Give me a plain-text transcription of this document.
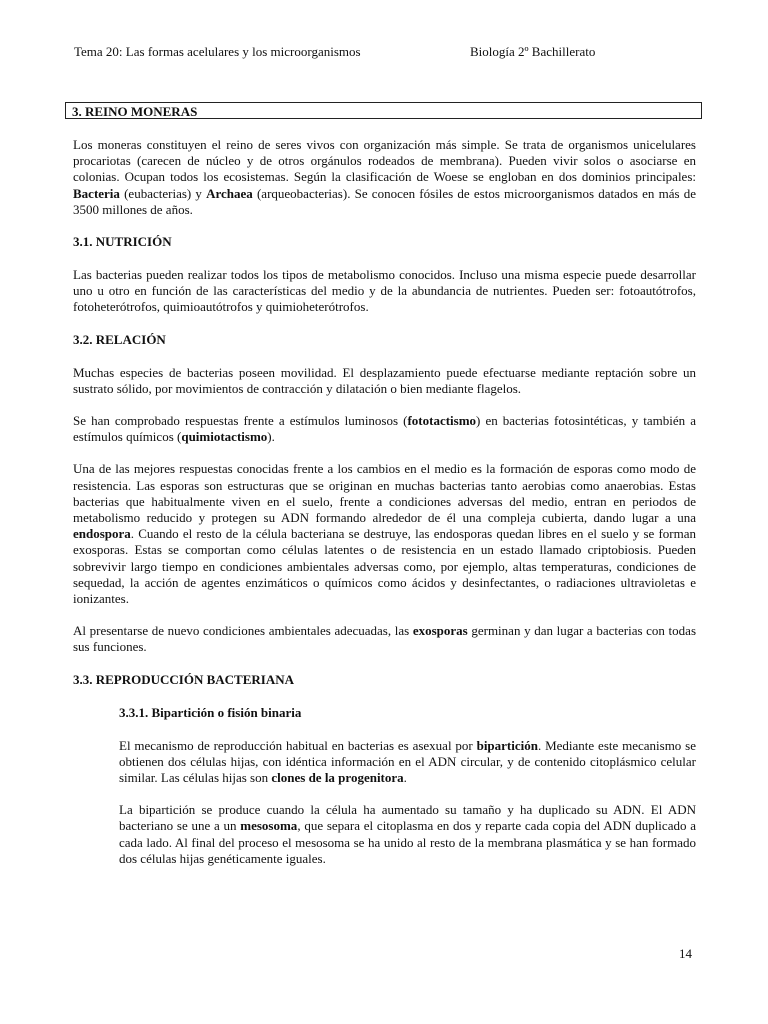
Tema 20: Las formas acelulares y los microorganismos	Biología 2º Bachillerato
3. REINO MONERAS

Los moneras constituyen el reino de seres vivos con organización más simple. Se trata de organismos unicelulares procariotas (carecen de núcleo y de otros orgánulos rodeados de membrana). Pueden vivir solos o asociarse en colonias. Ocupan todos los ecosistemas. Según la clasificación de Woese se engloban en dos dominios principales: Bacteria (eubacterias) y Archaea (arqueobacterias). Se conocen fósiles de estos microorganismos datados en más de 3500 millones de años.

3.1. NUTRICIÓN

Las bacterias pueden realizar todos los tipos de metabolismo conocidos. Incluso una misma especie puede desarrollar uno u otro en función de las características del medio y de la abundancia de nutrientes. Pueden ser: fotoautótrofos, fotoheterótrofos, quimioautótrofos y quimioheterótrofos.

3.2. RELACIÓN

Muchas especies de bacterias poseen movilidad. El desplazamiento puede efectuarse mediante reptación sobre un sustrato sólido, por movimientos de contracción y dilatación o bien mediante flagelos.

Se han comprobado respuestas frente a estímulos luminosos (fototactismo) en bacterias fotosintéticas, y también a estímulos químicos (quimiotactismo).

Una de las mejores respuestas conocidas frente a los cambios en el medio es la formación de esporas como modo de resistencia. Las esporas son estructuras que se originan en muchas bacterias tanto aerobias como anaerobias. Estas bacterias que habitualmente viven en el suelo, frente a condiciones adversas del medio, entran en periodos de metabolismo reducido y protegen su ADN formando alrededor de él una compleja cubierta, dando lugar a una endospora. Cuando el resto de la célula bacteriana se destruye, las endosporas quedan libres en el suelo y se forman exosporas. Estas se comportan como células latentes o de resistencia en un estado llamado criptobiosis. Pueden sobrevivir largo tiempo en condiciones ambientales adversas como, por ejemplo, altas temperaturas, condiciones de sequedad, la acción de agentes enzimáticos o químicos como ácidos y desinfectantes, o radiaciones ultravioletas e ionizantes.

Al presentarse de nuevo condiciones ambientales adecuadas, las exosporas germinan y dan lugar a bacterias con todas sus funciones.

3.3. REPRODUCCIÓN BACTERIANA
3.3.1. Bipartición o fisión binaria

El mecanismo de reproducción habitual en bacterias es asexual por bipartición. Mediante este mecanismo se obtienen dos células hijas, con idéntica información en el ADN circular, y de contenido citoplásmico celular similar. Las células hijas son clones de la progenitora.

La bipartición se produce cuando la célula ha aumentado su tamaño y ha duplicado su ADN. El ADN bacteriano se une a un mesosoma, que separa el citoplasma en dos y reparte cada copia del ADN duplicado a cada lado. Al final del proceso el mesosoma se ha unido al resto de la membrana plasmática y se han formado dos células hijas genéticamente iguales.

14
